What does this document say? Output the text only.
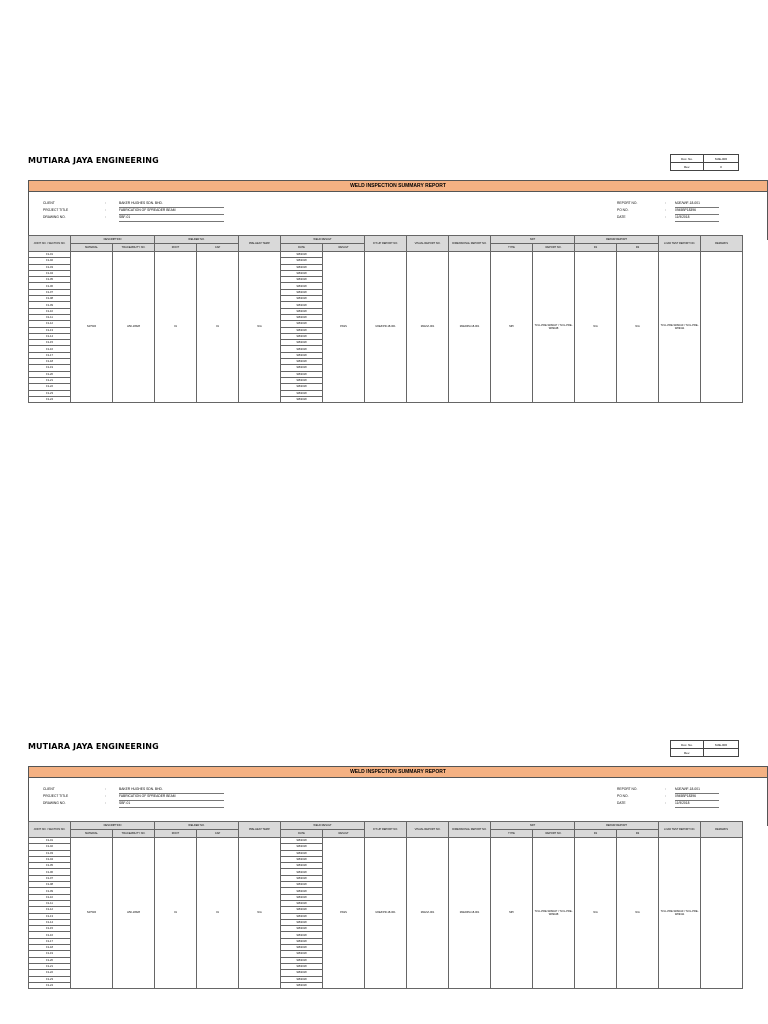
MUTIARA JAYA ENGINEERING	Doc. No.	MJE-006
Rev.	0
WELD INSPECTION SUMMARY REPORT
CLIENT	:	BAKER HUGHES SDN. BHD.
PROJECT TITLE	:	FABRICATION OF SPREADER BEAM
DRAWING NO.	:	SBF-01
REPORT NO.	:	MJE/WIF-18-001
PO NO.	:	0945BP18396
DATE	:	11/9/2018
JOINT NO. / SECTION NO.	DESCRIPTION		WELDER NO.		PRE-HEAT TEMP.	WELD RESULT		FIT-UP REPORT NO.	VISUAL REPORT NO.	DIMENSIONAL REPORT NO.	NDT		REPAIR REPORT		LOAD TEST REPORT NO.	REMARKS
	MATERIAL	TRACEABILITY NO.	ROOT	CAP		DATE	RESULT				TYPE	REPORT NO.	R1	R2		
F1-01	S275JR	H50-19528	01	01	N/A	9/8/2018	PASS	MJE/FPR-18-001	MJE/VI-001	MJE/DIM-18-001	MPI	TLVL-PRE-W09447 / TLVL-PRE-W09448	N/A	N/A	TLVL-PRE-W09410 / TLVL-PRE-W09411	
F1-02						9/8/2018										
F1-03						9/8/2018										
F1-04						9/8/2018										
F1-05						9/8/2018										
F1-06						9/8/2018										
F1-07						9/8/2018										
F1-08						9/8/2018										
F1-09						9/8/2018										
F1-10						9/8/2018										
F1-11						9/8/2018										
F1-12						9/8/2018										
F1-13						9/8/2018										
F1-14						9/8/2018										
F1-15						9/8/2018										
F1-16						9/8/2018										
F1-17						9/8/2018										
F1-18						9/8/2018										
F1-19						9/8/2018										
F1-20						9/8/2018										
F1-21						9/8/2018										
F1-22						9/8/2018										
F1-23						9/8/2018										
F1-24						9/8/2018										
MUTIARA JAYA ENGINEERING	Doc. No.	MJE-006
Rev.	
WELD INSPECTION SUMMARY REPORT
CLIENT	:	BAKER HUGHES SDN. BHD.
PROJECT TITLE	:	FABRICATION OF SPREADER BEAM
DRAWING NO.	:	SBF-01
REPORT NO.	:	MJE/WIF-18-001
PO NO.	:	0945BP18396
DATE	:	11/9/2018
JOINT NO. / SECTION NO.	DESCRIPTION		WELDER NO.		PRE-HEAT TEMP.	WELD RESULT		FIT-UP REPORT NO.	VISUAL REPORT NO.	DIMENSIONAL REPORT NO.	NDT		REPAIR REPORT		LOAD TEST REPORT NO.	REMARKS
	MATERIAL	TRACEABILITY NO.	ROOT	CAP		DATE	RESULT				TYPE	REPORT NO.	R1	R2		
F1-01	S275JR	H50-19528	01	01	N/A	9/8/2018	PASS	MJE/FPR-18-001	MJE/VI-001	MJE/DIM-18-001	MPI	TLVL-PRE-W09447 / TLVL-PRE-W09448	N/A	N/A	TLVL-PRE-W09410 / TLVL-PRE-W09411	
F1-02						9/8/2018										
F1-03						9/8/2018										
F1-04						9/8/2018										
F1-05						9/8/2018										
F1-06						9/8/2018										
F1-07						9/8/2018										
F1-08						9/8/2018										
F1-09						9/8/2018										
F1-10						9/8/2018										
F1-11						9/8/2018										
F1-12						9/8/2018										
F1-13						9/8/2018										
F1-14						9/8/2018										
F1-15						9/8/2018										
F1-16						9/8/2018										
F1-17						9/8/2018										
F1-18						9/8/2018										
F1-19						9/8/2018										
F1-20						9/8/2018										
F1-21						9/8/2018										
F1-22						9/8/2018										
F1-23						9/8/2018										
F1-24						9/8/2018										
